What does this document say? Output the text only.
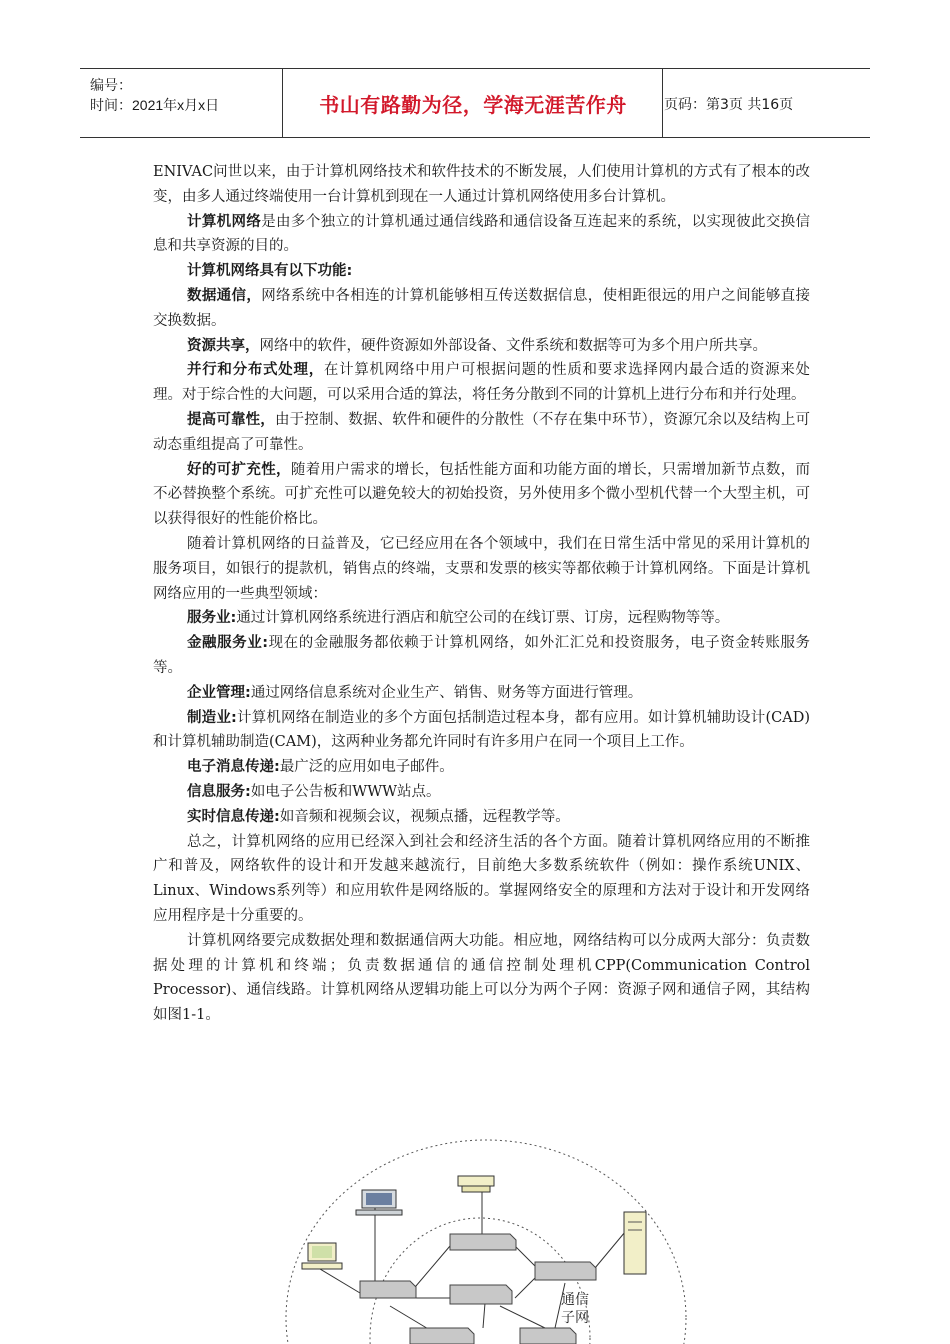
编号：
时间：2021年x月x日	书山有路勤为径，学海无涯苦作舟	页码：第3页 共16页

ENIVAC问世以来，由于计算机网络技术和软件技术的不断发展，人们使用计算机的方式有了根本的改变，由多人通过终端使用一台计算机到现在一人通过计算机网络使用多台计算机。

计算机网络是由多个独立的计算机通过通信线路和通信设备互连起来的系统，以实现彼此交换信息和共享资源的目的。

计算机网络具有以下功能:

数据通信，网络系统中各相连的计算机能够相互传送数据信息，使相距很远的用户之间能够直接交换数据。

资源共享，网络中的软件，硬件资源如外部设备、文件系统和数据等可为多个用户所共享。

并行和分布式处理，在计算机网络中用户可根据问题的性质和要求选择网内最合适的资源来处理。对于综合性的大问题，可以采用合适的算法，将任务分散到不同的计算机上进行分布和并行处理。

提高可靠性，由于控制、数据、软件和硬件的分散性（不存在集中环节），资源冗余以及结构上可动态重组提高了可靠性。

好的可扩充性，随着用户需求的增长，包括性能方面和功能方面的增长，只需增加新节点数，而不必替换整个系统。可扩充性可以避免较大的初始投资，另外使用多个微小型机代替一个大型主机，可以获得很好的性能价格比。

随着计算机网络的日益普及，它已经应用在各个领域中，我们在日常生活中常见的采用计算机的服务项目，如银行的提款机，销售点的终端，支票和发票的核实等都依赖于计算机网络。下面是计算机网络应用的一些典型领域：

服务业:通过计算机网络系统进行酒店和航空公司的在线订票、订房，远程购物等等。

金融服务业:现在的金融服务都依赖于计算机网络，如外汇汇兑和投资服务，电子资金转账服务等。

企业管理:通过网络信息系统对企业生产、销售、财务等方面进行管理。

制造业:计算机网络在制造业的多个方面包括制造过程本身，都有应用。如计算机辅助设计(CAD)和计算机辅助制造(CAM)，这两种业务都允许同时有许多用户在同一个项目上工作。

电子消息传递:最广泛的应用如电子邮件。

信息服务:如电子公告板和WWW站点。

实时信息传递:如音频和视频会议，视频点播，远程教学等。

总之，计算机网络的应用已经深入到社会和经济生活的各个方面。随着计算机网络应用的不断推广和普及，网络软件的设计和开发越来越流行，目前绝大多数系统软件（例如：操作系统UNIX、Linux、Windows系列等）和应用软件是网络版的。掌握网络安全的原理和方法对于设计和开发网络应用程序是十分重要的。

计算机网络要完成数据处理和数据通信两大功能。相应地，网络结构可以分成两大部分：负责数据处理的计算机和终端；负责数据通信的通信控制处理机CPP(Communication Control Processor)、通信线路。计算机网络从逻辑功能上可以分为两个子网：资源子网和通信子网，其结构如图1-1。

通信
子网
